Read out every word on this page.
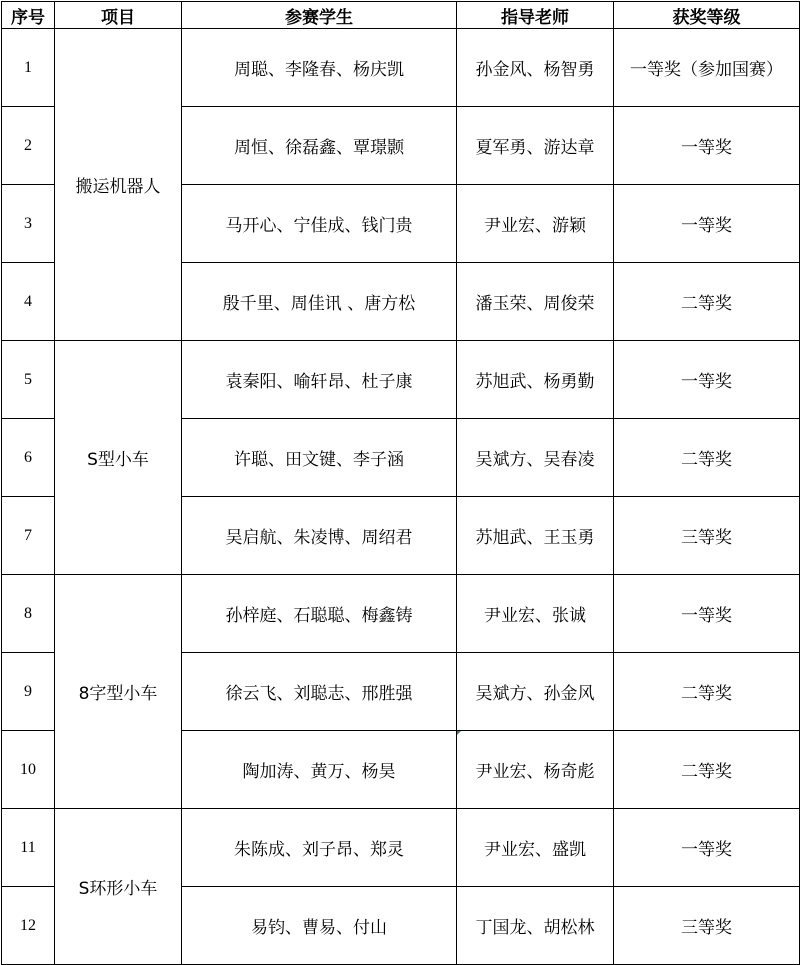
序号	项目	参赛学生	指导老师	获奖等级
1	搬运机器人	周聪、李隆春、杨庆凯	孙金风、杨智勇	一等奖（参加国赛）
2		周恒、徐磊鑫、覃璟颢	夏军勇、游达章	一等奖
3		马开心、宁佳成、钱门贵	尹业宏、游颖	一等奖
4		殷千里、周佳讯 、唐方松	潘玉荣、周俊荣	二等奖
5	S型小车	袁秦阳、喻轩昂、杜子康	苏旭武、杨勇勤	一等奖
6		许聪、田文键、李子涵	吴斌方、吴春凌	二等奖
7		吴启航、朱凌博、周绍君	苏旭武、王玉勇	三等奖
8	8字型小车	孙梓庭、石聪聪、梅鑫铸	尹业宏、张诚	一等奖
9		徐云飞、刘聪志、邢胜强	吴斌方、孙金风	二等奖
10		陶加涛、黄万、杨昊	尹业宏、杨奇彪	二等奖
11	S环形小车	朱陈成、刘子昂、郑灵	尹业宏、盛凯	一等奖
12		易钧、曹易、付山	丁国龙、胡松林	三等奖
